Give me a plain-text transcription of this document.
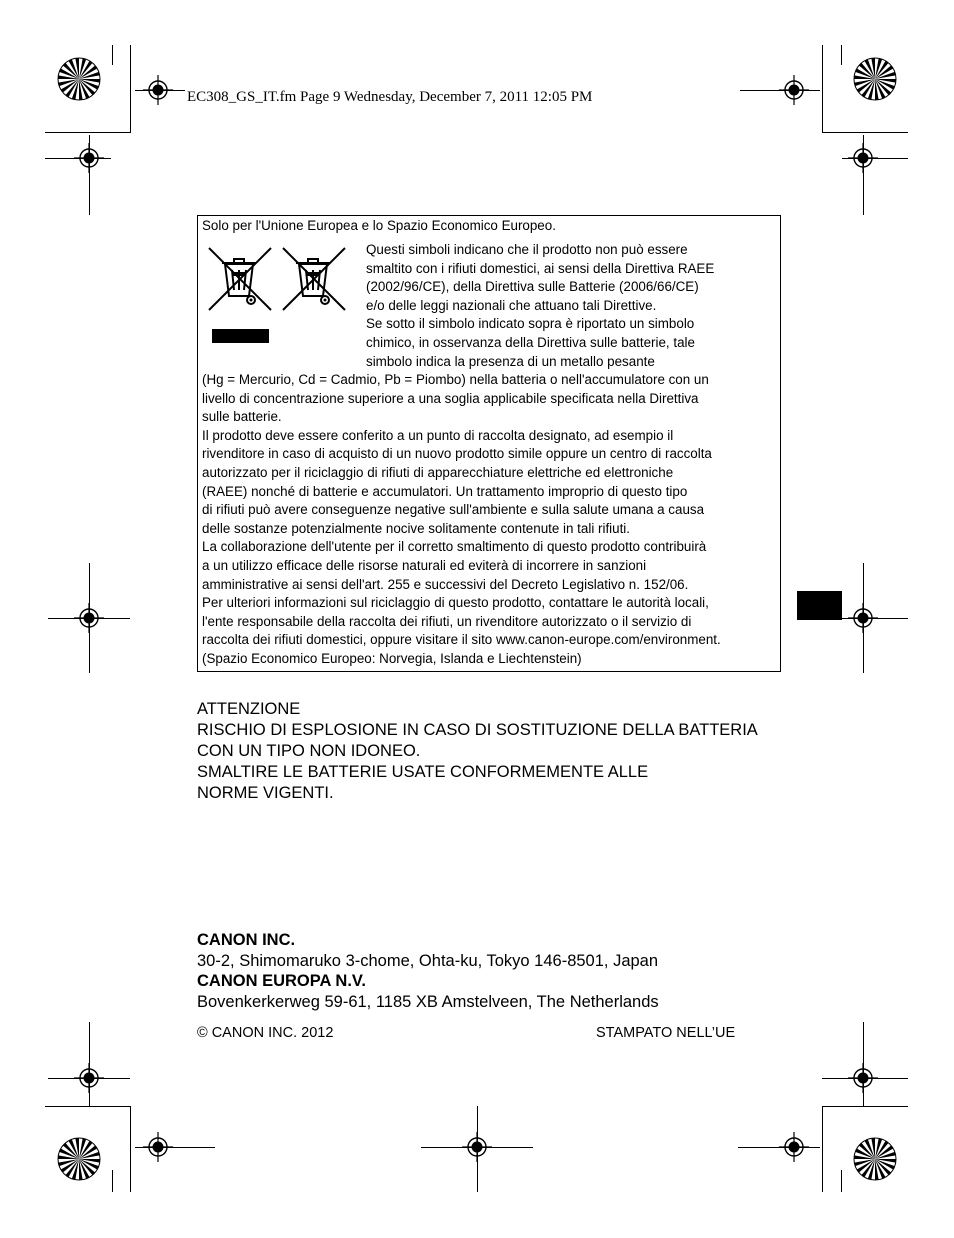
EC308_GS_IT.fm Page 9 Wednesday, December 7, 2011 12:05 PM
Solo per l'Unione Europea e lo Spazio Economico Europeo.
Questi simboli indicano che il prodotto non può essere
smaltito con i rifiuti domestici, ai sensi della Direttiva RAEE
(2002/96/CE), della Direttiva sulle Batterie (2006/66/CE)
e/o delle leggi nazionali che attuano tali Direttive.
Se sotto il simbolo indicato sopra è riportato un simbolo
chimico, in osservanza della Direttiva sulle batterie, tale
simbolo indica la presenza di un metallo pesante

(Hg = Mercurio, Cd = Cadmio, Pb = Piombo) nella batteria o nell'accumulatore con un

livello di concentrazione superiore a una soglia applicabile specificata nella Direttiva

sulle batterie.

Il prodotto deve essere conferito a un punto di raccolta designato, ad esempio il

rivenditore in caso di acquisto di un nuovo prodotto simile oppure un centro di raccolta

autorizzato per il riciclaggio di rifiuti di apparecchiature elettriche ed elettroniche

(RAEE) nonché di batterie e accumulatori. Un trattamento improprio di questo tipo

di rifiuti può avere conseguenze negative sull'ambiente e sulla salute umana a causa

delle sostanze potenzialmente nocive solitamente contenute in tali rifiuti.

La collaborazione dell'utente per il corretto smaltimento di questo prodotto contribuirà

a un utilizzo efficace delle risorse naturali ed eviterà di incorrere in sanzioni

amministrative ai sensi dell'art. 255 e successivi del Decreto Legislativo n. 152/06.

Per ulteriori informazioni sul riciclaggio di questo prodotto, contattare le autorità locali,

l'ente responsabile della raccolta dei rifiuti, un rivenditore autorizzato o il servizio di

raccolta dei rifiuti domestici, oppure visitare il sito www.canon-europe.com/environment.

(Spazio Economico Europeo: Norvegia, Islanda e Liechtenstein)

ATTENZIONE

RISCHIO DI ESPLOSIONE IN CASO DI SOSTITUZIONE DELLA BATTERIA

CON UN TIPO NON IDONEO.

SMALTIRE LE BATTERIE USATE CONFORMEMENTE ALLE

NORME VIGENTI.

CANON INC.

30-2, Shimomaruko 3-chome, Ohta-ku, Tokyo 146-8501, Japan

CANON EUROPA N.V.

Bovenkerkerweg 59-61, 1185 XB Amstelveen, The Netherlands

© CANON INC. 2012	STAMPATO NELL’UE
